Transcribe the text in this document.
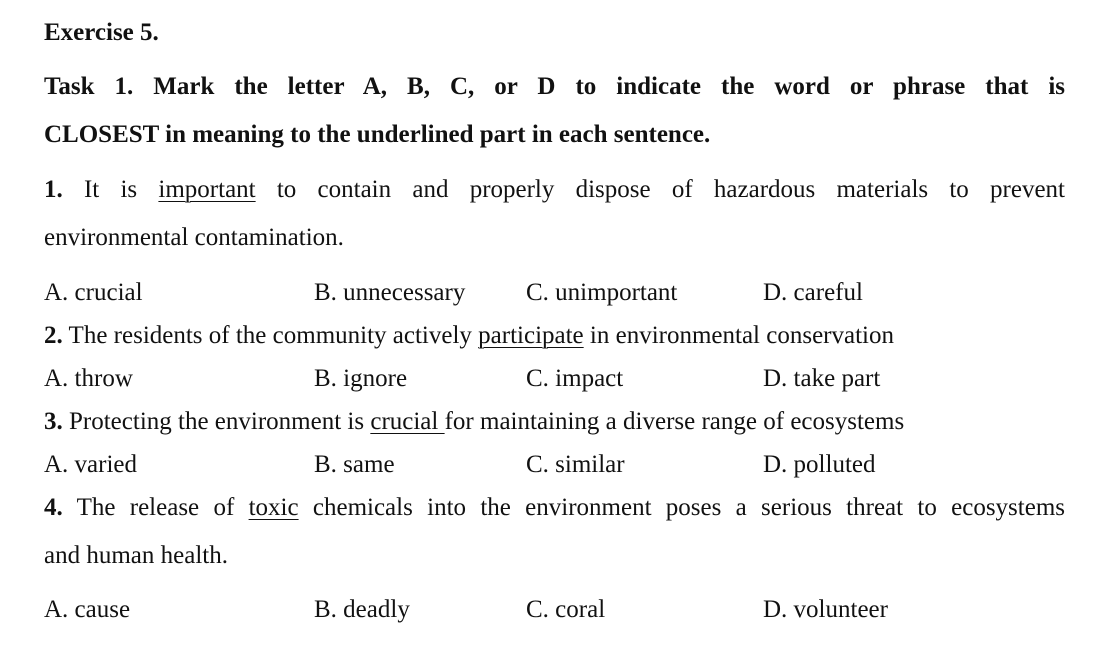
Exercise 5.
Task 1. Mark the letter A, B, C, or D to indicate the word or phrase that is
CLOSEST in meaning to the underlined part in each sentence.
1. It is important to contain and properly dispose of hazardous materials to prevent
environmental contamination.
A. crucial	B. unnecessary C. unimportant	D. careful
2. The residents of the community actively participate in environmental conservation
A. throw	B. ignore	C. impact	D. take part
3. Protecting the environment is crucial for maintaining a diverse range of ecosystems
A. varied	B. same	C. similar	D. polluted
4. The release of toxic chemicals into the environment poses a serious threat to ecosystems
and human health.
A. cause	B. deadly	C. coral	D. volunteer
